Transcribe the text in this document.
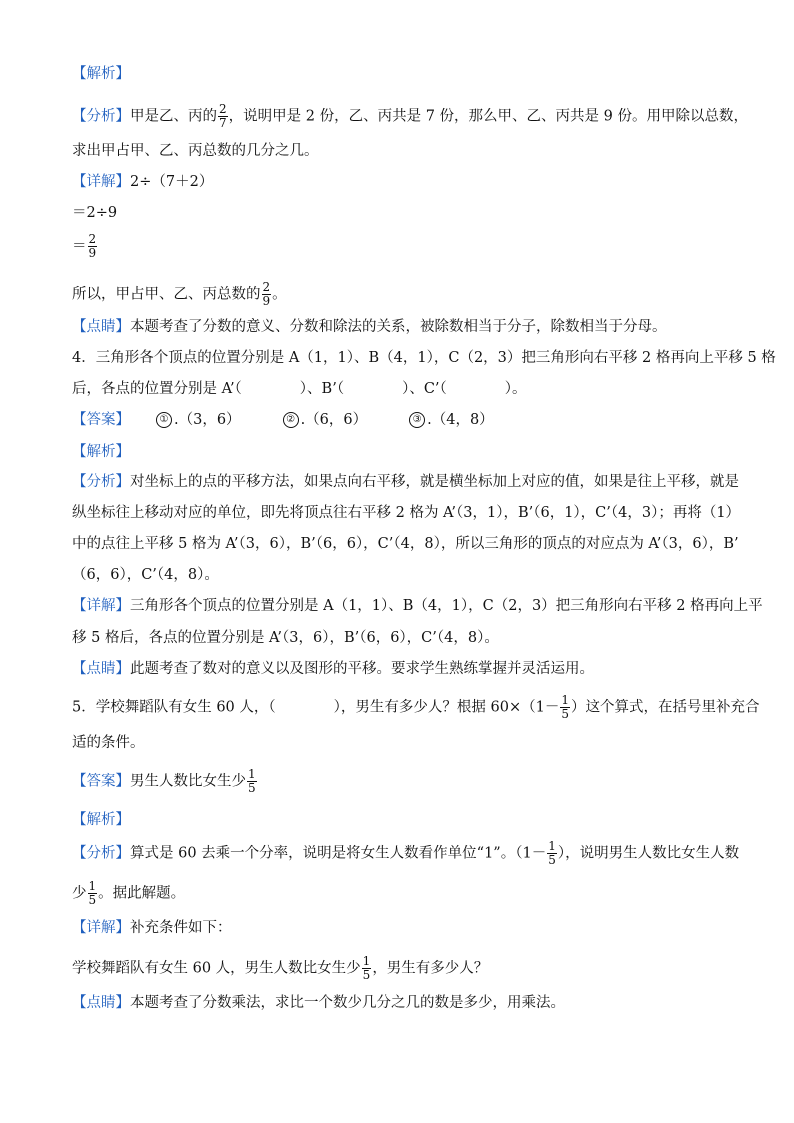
【解析】
【分析】甲是乙、丙的 $\frac{2}{7}$ ，说明甲是 2 份，乙、丙共是 7 份，那么甲、乙、丙共是 9 份。用甲除以总数，
求出甲占甲、乙、丙总数的几分之几。
【详解】2÷（7＋2）
＝2÷9
＝ $\frac{2}{9}$
所以，甲占甲、乙、丙总数的 $\frac{2}{9}$ 。
【点睛】本题考查了分数的意义、分数和除法的关系，被除数相当于分子，除数相当于分母。
4．三角形各个顶点的位置分别是 A（1，1）、B（4，1），C（2，3）把三角形向右平移 2 格再向上平移 5 格
后，各点的位置分别是 A’（　　　　）、B’（　　　　）、C’（　　　　）。
【答案】	① .（3，6）	② .（6，6）	③ .（4，8）
【解析】
【分析】对坐标上的点的平移方法，如果点向右平移，就是横坐标加上对应的值，如果是往上平移，就是
纵坐标往上移动对应的单位，即先将顶点往右平移 2 格为 A’（3，1），B’（6，1），C’（4，3）；再将（1）
中的点往上平移 5 格为 A’（3，6），B’（6，6），C’（4，8），所以三角形的顶点的对应点为 A’（3，6），B’
（6，6），C’（4，8）。
【详解】三角形各个顶点的位置分别是 A（1，1）、B（4，1），C（2，3）把三角形向右平移 2 格再向上平
移 5 格后，各点的位置分别是 A’（3，6），B’（6，6），C’（4，8）。
【点睛】此题考查了数对的意义以及图形的平移。要求学生熟练掌握并灵活运用。
5．学校舞蹈队有女生 60 人，（　　　　），男生有多少人？根据 $60\times(1- \frac{1}{5}$ ）这个算式，在括号里补充合
适的条件。
【答案】男生人数比女生少 $\frac{1}{5}$
【解析】
【分析】算式是 60 去乘一个分率，说明是将女生人数看作单位“1”。（$1- \frac{1}{5}$ ），说明男生人数比女生人数
少 $\frac{1}{5}$ 。据此解题。
【详解】补充条件如下：
学校舞蹈队有女生 60 人，男生人数比女生少 $\frac{1}{5}$ ，男生有多少人？
【点睛】本题考查了分数乘法，求比一个数少几分之几的数是多少，用乘法。
